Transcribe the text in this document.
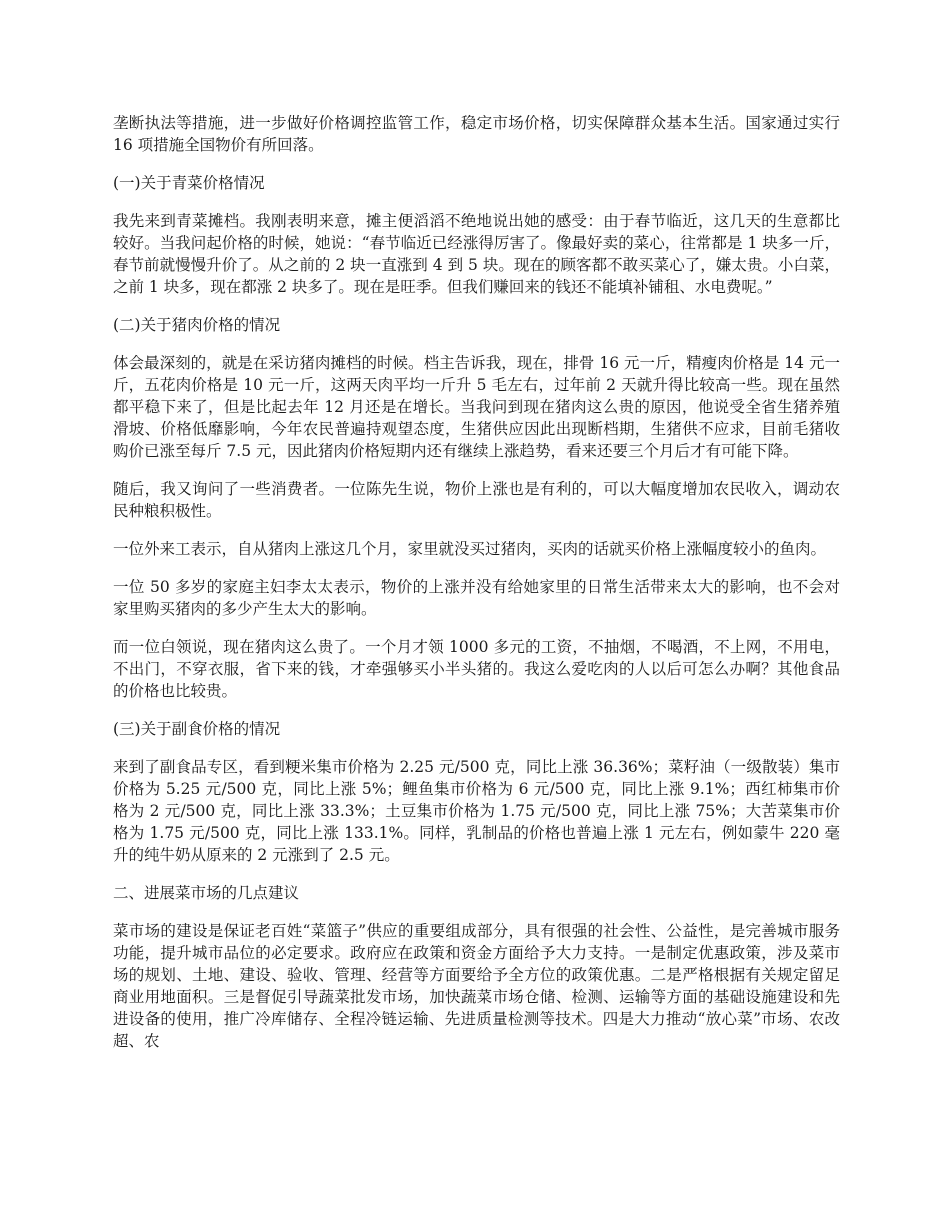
垄断执法等措施，进一步做好价格调控监管工作，稳定市场价格，切实保障群众基本生活。国家通过实行 16 项措施全国物价有所回落。

(一)关于青菜价格情况

我先来到青菜摊档。我刚表明来意，摊主便滔滔不绝地说出她的感受：由于春节临近，这几天的生意都比较好。当我问起价格的时候，她说：“春节临近已经涨得厉害了。像最好卖的菜心，往常都是 1 块多一斤，春节前就慢慢升价了。从之前的 2 块一直涨到 4 到 5 块。现在的顾客都不敢买菜心了，嫌太贵。小白菜，之前 1 块多，现在都涨 2 块多了。现在是旺季。但我们赚回来的钱还不能填补铺租、水电费呢。”

(二)关于猪肉价格的情况

体会最深刻的，就是在采访猪肉摊档的时候。档主告诉我，现在，排骨 16 元一斤，精瘦肉价格是 14 元一斤，五花肉价格是 10 元一斤，这两天肉平均一斤升 5 毛左右，过年前 2 天就升得比较高一些。现在虽然都平稳下来了，但是比起去年 12 月还是在增长。当我问到现在猪肉这么贵的原因，他说受全省生猪养殖滑坡、价格低靡影响，今年农民普遍持观望态度，生猪供应因此出现断档期，生猪供不应求，目前毛猪收购价已涨至每斤 7.5 元，因此猪肉价格短期内还有继续上涨趋势，看来还要三个月后才有可能下降。

随后，我又询问了一些消费者。一位陈先生说，物价上涨也是有利的，可以大幅度增加农民收入，调动农民种粮积极性。

一位外来工表示，自从猪肉上涨这几个月，家里就没买过猪肉，买肉的话就买价格上涨幅度较小的鱼肉。

一位 50 多岁的家庭主妇李太太表示，物价的上涨并没有给她家里的日常生活带来太大的影响，也不会对家里购买猪肉的多少产生太大的影响。

而一位白领说，现在猪肉这么贵了。一个月才领 1000 多元的工资，不抽烟，不喝酒，不上网，不用电，不出门，不穿衣服，省下来的钱，才牵强够买小半头猪的。我这么爱吃肉的人以后可怎么办啊？其他食品的价格也比较贵。

(三)关于副食价格的情况

来到了副食品专区，看到粳米集市价格为 2.25 元/500 克，同比上涨 36.36%；菜籽油（一级散装）集市价格为 5.25 元/500 克，同比上涨 5%；鲤鱼集市价格为 6 元/500 克，同比上涨 9.1%；西红柿集市价格为 2 元/500 克，同比上涨 33.3%；土豆集市价格为 1.75 元/500 克，同比上涨 75%；大苦菜集市价格为 1.75 元/500 克，同比上涨 133.1%。同样，乳制品的价格也普遍上涨 1 元左右，例如蒙牛 220 毫升的纯牛奶从原来的 2 元涨到了 2.5 元。

二、进展菜市场的几点建议

菜市场的建设是保证老百姓“菜篮子”供应的重要组成部分，具有很强的社会性、公益性，是完善城市服务功能，提升城市品位的必定要求。政府应在政策和资金方面给予大力支持。一是制定优惠政策，涉及菜市场的规划、土地、建设、验收、管理、经营等方面要给予全方位的政策优惠。二是严格根据有关规定留足商业用地面积。三是督促引导蔬菜批发市场，加快蔬菜市场仓储、检测、运输等方面的基础设施建设和先进设备的使用，推广冷库储存、全程冷链运输、先进质量检测等技术。四是大力推动“放心菜”市场、农改超、农
